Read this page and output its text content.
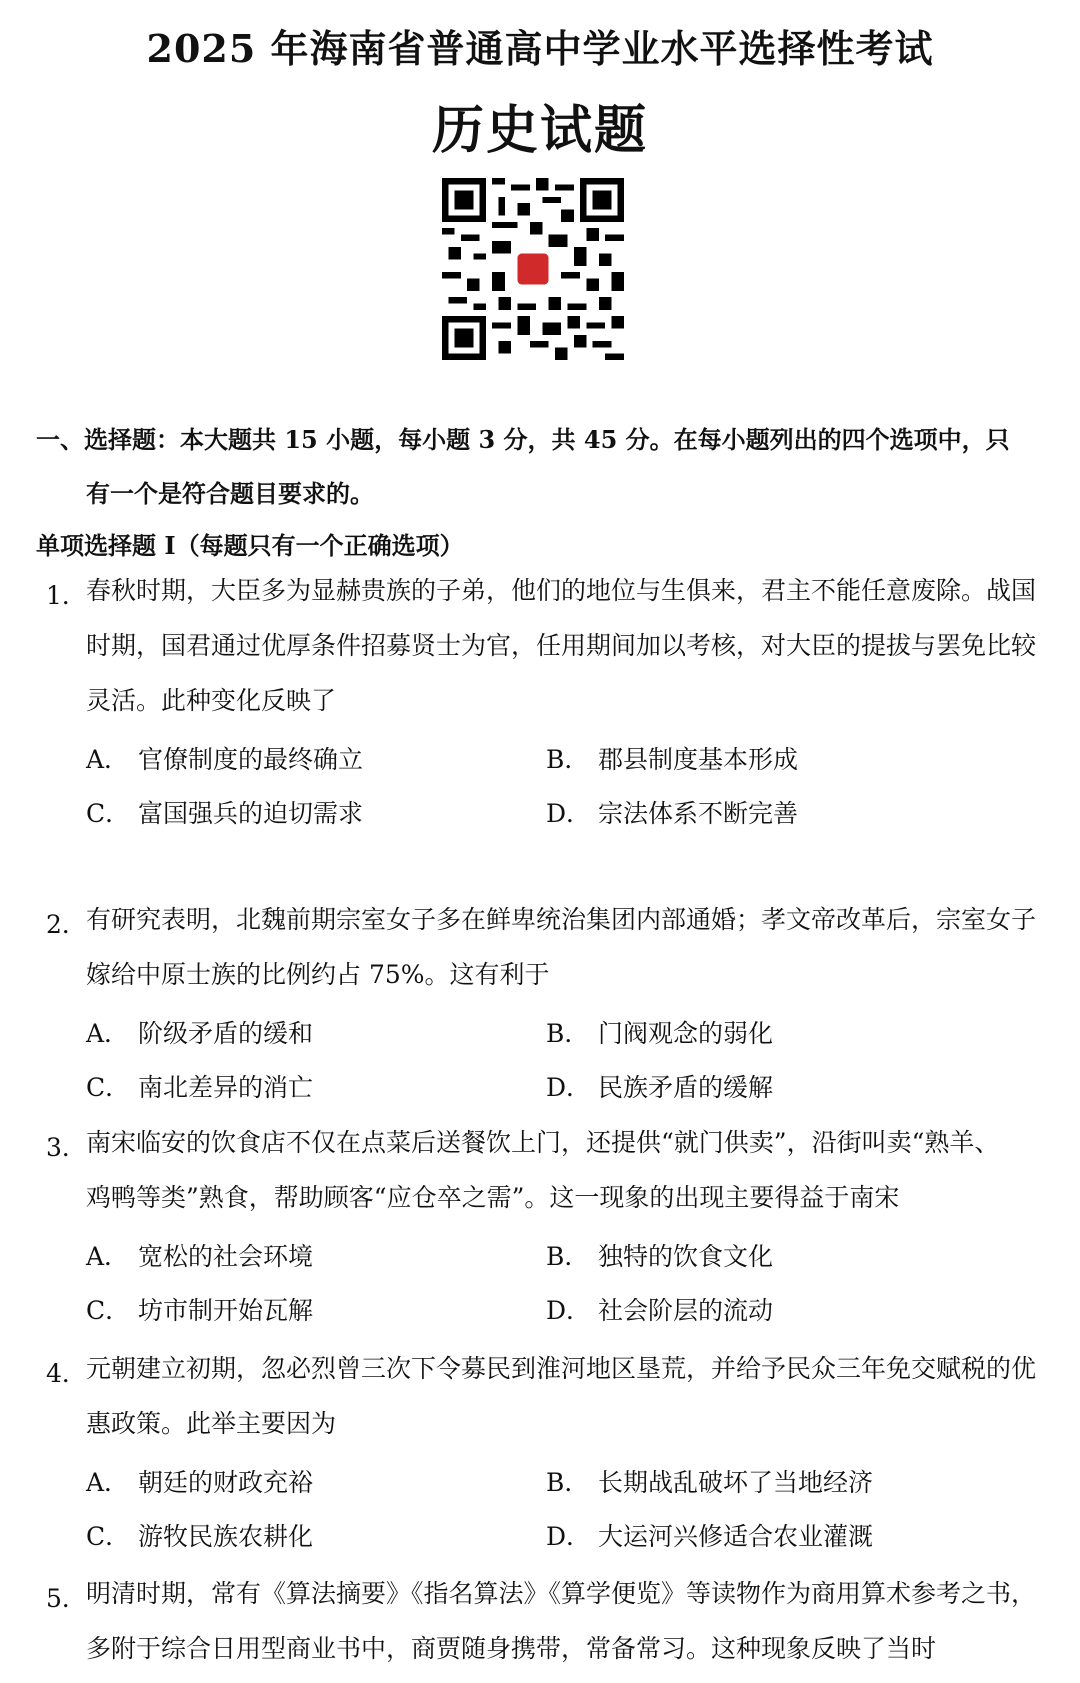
2025 年海南省普通高中学业水平选择性考试
历史试题
一、选择题：本大题共 15 小题，每小题 3 分，共 45 分。在每小题列出的四个选项中，只
有一个是符合题目要求的。
单项选择题 Ⅰ（每题只有一个正确选项）
1． 春秋时期，大臣多为显赫贵族的子弟，他们的地位与生俱来，君主不能任意废除。战国
时期，国君通过优厚条件招募贤士为官，任用期间加以考核，对大臣的提拔与罢免比较
灵活。此种变化反映了
A． 官僚制度的最终确立	B． 郡县制度基本形成
C． 富国强兵的迫切需求	D． 宗法体系不断完善
2． 有研究表明，北魏前期宗室女子多在鲜卑统治集团内部通婚；孝文帝改革后，宗室女子
嫁给中原士族的比例约占 75%。这有利于
A． 阶级矛盾的缓和	B． 门阀观念的弱化
C． 南北差异的消亡	D． 民族矛盾的缓解
3． 南宋临安的饮食店不仅在点菜后送餐饮上门，还提供“就门供卖”，沿街叫卖“熟羊、
鸡鸭等类”熟食，帮助顾客“应仓卒之需”。这一现象的出现主要得益于南宋
A． 宽松的社会环境	B． 独特的饮食文化
C． 坊市制开始瓦解	D． 社会阶层的流动
4． 元朝建立初期，忽必烈曾三次下令募民到淮河地区垦荒，并给予民众三年免交赋税的优
惠政策。此举主要因为
A． 朝廷的财政充裕	B． 长期战乱破坏了当地经济
C． 游牧民族农耕化	D． 大运河兴修适合农业灌溉
5． 明清时期，常有《算法摘要》《指名算法》《算学便览》等读物作为商用算术参考之书，
多附于综合日用型商业书中，商贾随身携带，常备常习。这种现象反映了当时
